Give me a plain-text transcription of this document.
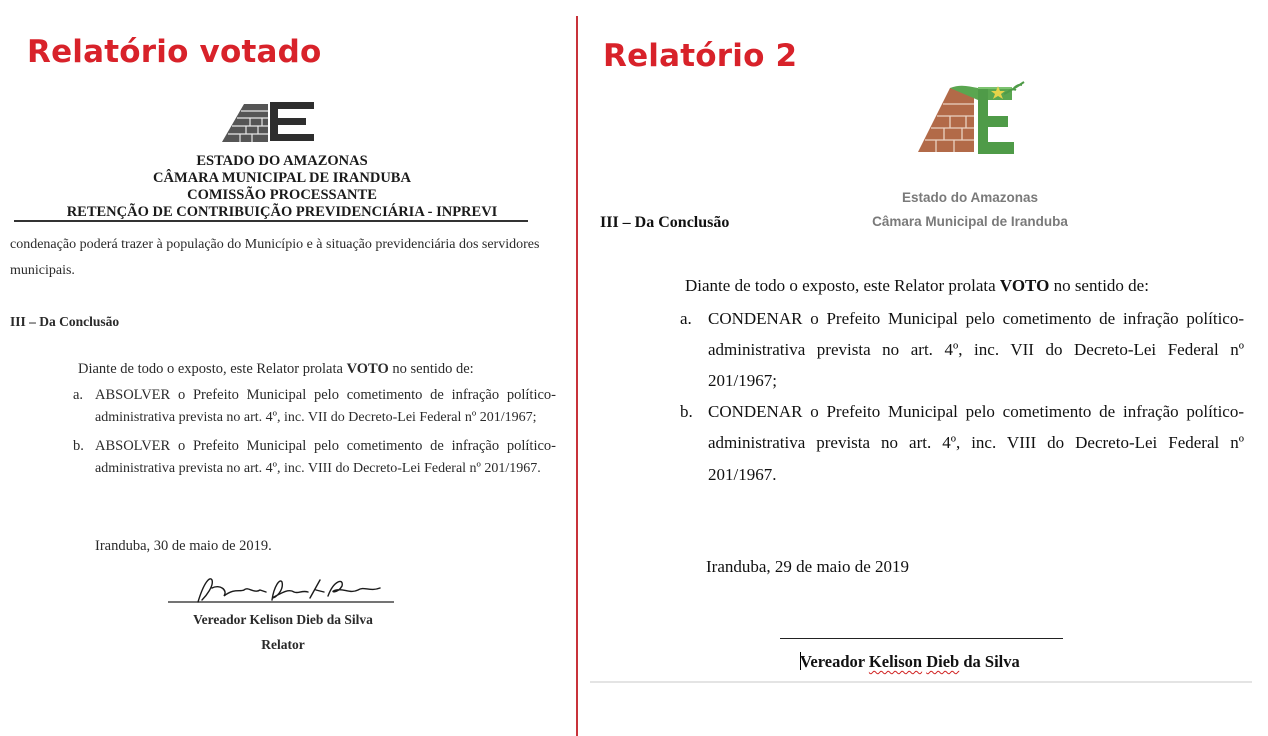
Relatório votado
ESTADO DO AMAZONAS
CÂMARA MUNICIPAL DE IRANDUBA
COMISSÃO PROCESSANTE
RETENÇÃO DE CONTRIBUIÇÃO PREVIDENCIÁRIA - INPREVI
condenação poderá trazer à população do Município e à situação previdenciária dos servidores
municipais.
III – Da Conclusão
Diante de todo o exposto, este Relator prolata VOTO no sentido de:
a. ABSOLVER o Prefeito Municipal pelo cometimento de infração político-
administrativa prevista no art. 4º, inc. VII do Decreto-Lei Federal nº 201/1967;
b. ABSOLVER o Prefeito Municipal pelo cometimento de infração político-
administrativa prevista no art. 4º, inc. VIII do Decreto-Lei Federal nº 201/1967.
Iranduba, 30 de maio de 2019.
Vereador Kelison Dieb da Silva
Relator
Relatório 2
Estado do Amazonas
Câmara Municipal de Iranduba
III – Da Conclusão
Diante de todo o exposto, este Relator prolata VOTO no sentido de:
a. CONDENAR o Prefeito Municipal pelo cometimento de infração político-
administrativa prevista no art. 4º, inc. VII do Decreto-Lei Federal nº
201/1967;
b. CONDENAR o Prefeito Municipal pelo cometimento de infração político-
administrativa prevista no art. 4º, inc. VIII do Decreto-Lei Federal nº
201/1967.
Iranduba, 29 de maio de 2019
Vereador Kelison Dieb da Silva
